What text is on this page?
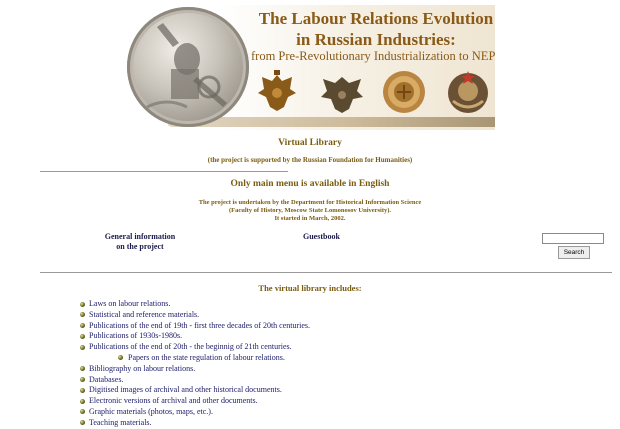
The Labour Relations Evolution
in Russian Industries:
from Pre-Revolutionary Industrialization to NEP
Virtual Library
(the project is supported by the Russian Foundation for Humanities)
Only main menu is available in English
The project is undertaken by the Department for Historical Information Science
(Faculty of History, Moscow State Lomonosov University).
It started in March, 2002.
General information
on the project
Guestbook
Search
The virtual library includes:
Laws on labour relations.
Statistical and reference materials.
Publications of the end of 19th - first three decades of 20th centuries.
Publications of 1930s-1980s.
Publications of the end of 20th - the beginnig of 21th centuries.
Papers on the state regulation of labour relations.
Bibliography on labour relations.
Databases.
Digitised images of archival and other historical documents.
Electronic versions of archival and other documents.
Graphic materials (photos, maps, etc.).
Teaching materials.
